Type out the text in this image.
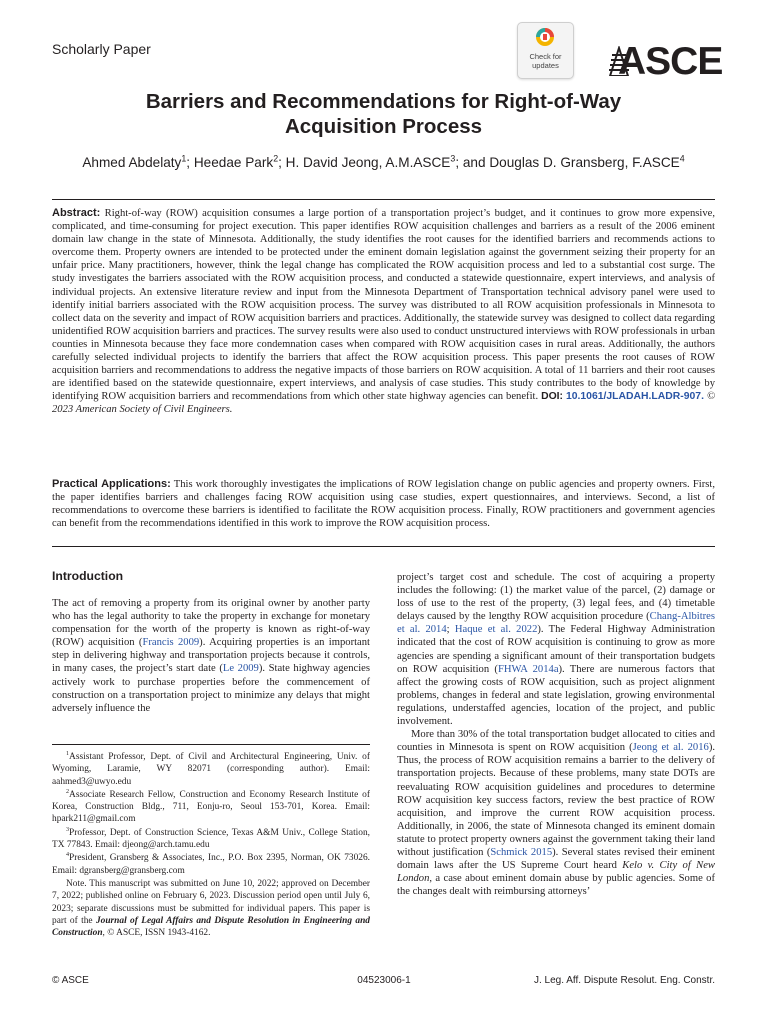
Scholarly Paper	Check for
updates	ASCE
Barriers and Recommendations for Right-of-Way
Acquisition Process
Ahmed Abdelaty$^1$; Heedae Park$^2$; H. David Jeong, A.M.ASCE$^3$; and Douglas D. Gransberg, F.ASCE$^4$
Abstract: Right-of-way (ROW) acquisition consumes a large portion of a transportation project’s budget, and it continues to grow more expensive, complicated, and time-consuming for project execution. This paper identifies ROW acquisition challenges and barriers as a result of the 2006 eminent domain law change in the state of Minnesota. Additionally, the study identifies the root causes for the identified barriers and recommends actions to overcome them. Property owners are intended to be protected under the eminent domain legislation against the government seizing their property for an unfair price. Many practitioners, however, think the legal change has complicated the ROW acquisition process and led to a substantial cost surge. The study investigates the barriers associated with the ROW acquisition process, and conducted a statewide questionnaire, expert interviews, and analysis of individual projects. An extensive literature review and input from the Minnesota Department of Transportation technical advisory panel were used to identify initial barriers associated with the ROW acquisition process. The survey was distributed to all ROW acquisition professionals in Minnesota to collect data on the severity and impact of ROW acquisition barriers and practices. Additionally, the statewide survey was designed to collect data regarding unidentified ROW acquisition barriers and practices. The survey results were also used to conduct unstructured interviews with ROW professionals in urban counties in Minnesota because they face more condemnation cases when compared with ROW acquisition cases in rural areas. Additionally, the authors carefully selected individual projects to identify the barriers that affect the ROW acquisition process. This paper presents the root causes of ROW acquisition barriers and recommendations to address the negative impacts of those barriers on ROW acquisition. A total of 11 barriers and their root causes are identified based on the statewide questionnaire, expert interviews, and analysis of case studies. This study contributes to the body of knowledge by identifying ROW acquisition barriers and recommendations from which other state highway agencies can benefit. DOI: 10.1061/JLADAH.LADR-907. © 2023 American Society of Civil Engineers.
Practical Applications: This work thoroughly investigates the implications of ROW legislation change on public agencies and property owners. First, the paper identifies barriers and challenges facing ROW acquisition using case studies, expert questionnaires, and interviews. Second, a list of recommendations to overcome these barriers is identified to facilitate the ROW acquisition process. Finally, ROW practitioners and government agencies can benefit from the recommendations identified in this work to improve the ROW acquisition process.
Introduction
The act of removing a property from its original owner by another party who has the legal authority to take the property in exchange for monetary compensation for the worth of the property is known as right-of-way (ROW) acquisition (Francis 2009). Acquiring properties is an important step in delivering highway and transportation projects because it controls, in many cases, the project’s start date (Le 2009). State highway agencies actively work to purchase properties before the commencement of construction on a transportation project to minimize any delays that might adversely influence the
$^1$Assistant Professor, Dept. of Civil and Architectural Engineering, Univ. of Wyoming, Laramie, WY 82071 (corresponding author). Email: aahmed3@uwyo.edu
$^2$Associate Research Fellow, Construction and Economy Research Institute of Korea, Construction Bldg., 711, Eonju-ro, Seoul 153-701, Korea. Email: hpark211@gmail.com
$^3$Professor, Dept. of Construction Science, Texas A&M Univ., College Station, TX 77843. Email: djeong@arch.tamu.edu
$^4$President, Gransberg & Associates, Inc., P.O. Box 2395, Norman, OK 73026. Email: dgransberg@gransberg.com
Note. This manuscript was submitted on June 10, 2022; approved on December 7, 2022; published online on February 6, 2023. Discussion period open until July 6, 2023; separate discussions must be submitted for individual papers. This paper is part of the Journal of Legal Affairs and Dispute Resolution in Engineering and Construction, © ASCE, ISSN 1943-4162.
project’s target cost and schedule. The cost of acquiring a property includes the following: (1) the market value of the parcel, (2) damage or loss of use to the rest of the property, (3) legal fees, and (4) timetable delays caused by the lengthy ROW acquisition procedure (Chang-Albitres et al. 2014; Haque et al. 2022). The Federal Highway Administration indicated that the cost of ROW acquisition is continuing to grow as more agencies are spending a significant amount of their transportation budgets on ROW acquisition (FHWA 2014a). There are numerous factors that affect the growing costs of ROW acquisition, such as project alignment problems, changes in federal and state legislation, growing environmental regulations, understaffed agencies, location of the project, and public involvement.
More than 30% of the total transportation budget allocated to cities and counties in Minnesota is spent on ROW acquisition (Jeong et al. 2016). Thus, the process of ROW acquisition remains a barrier to the delivery of transportation projects. Because of these problems, many state DOTs are reevaluating ROW acquisition guidelines and procedures to determine ROW acquisition key success factors, review the best practice of ROW acquisition, and improve the current ROW acquisition process. Additionally, in 2006, the state of Minnesota changed its eminent domain statute to protect property owners against the government taking their land without justification (Schmick 2015). Several states revised their eminent domain laws after the US Supreme Court heard Kelo v. City of New London, a case about eminent domain abuse by public agencies. Some of the changes dealt with reimbursing attorneys’
© ASCE	04523006-1	J. Leg. Aff. Dispute Resolut. Eng. Constr.
